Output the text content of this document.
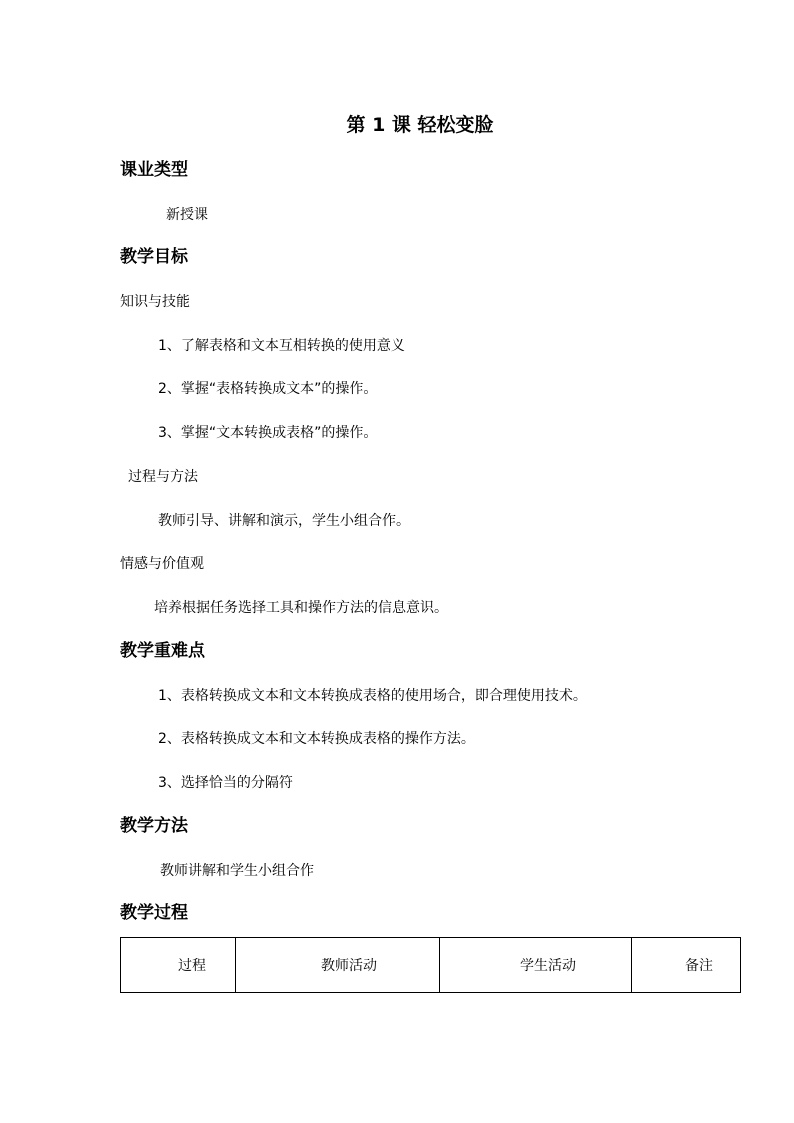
第 1 课 轻松变脸
课业类型
新授课
教学目标
知识与技能
1、了解表格和文本互相转换的使用意义
2、掌握“表格转换成文本”的操作。
3、掌握“文本转换成表格”的操作。
过程与方法
教师引导、讲解和演示，学生小组合作。
情感与价值观
培养根据任务选择工具和操作方法的信息意识。
教学重难点
1、表格转换成文本和文本转换成表格的使用场合，即合理使用技术。
2、表格转换成文本和文本转换成表格的操作方法。
3、选择恰当的分隔符
教学方法
教师讲解和学生小组合作
教学过程
过程	教师活动	学生活动	备注
